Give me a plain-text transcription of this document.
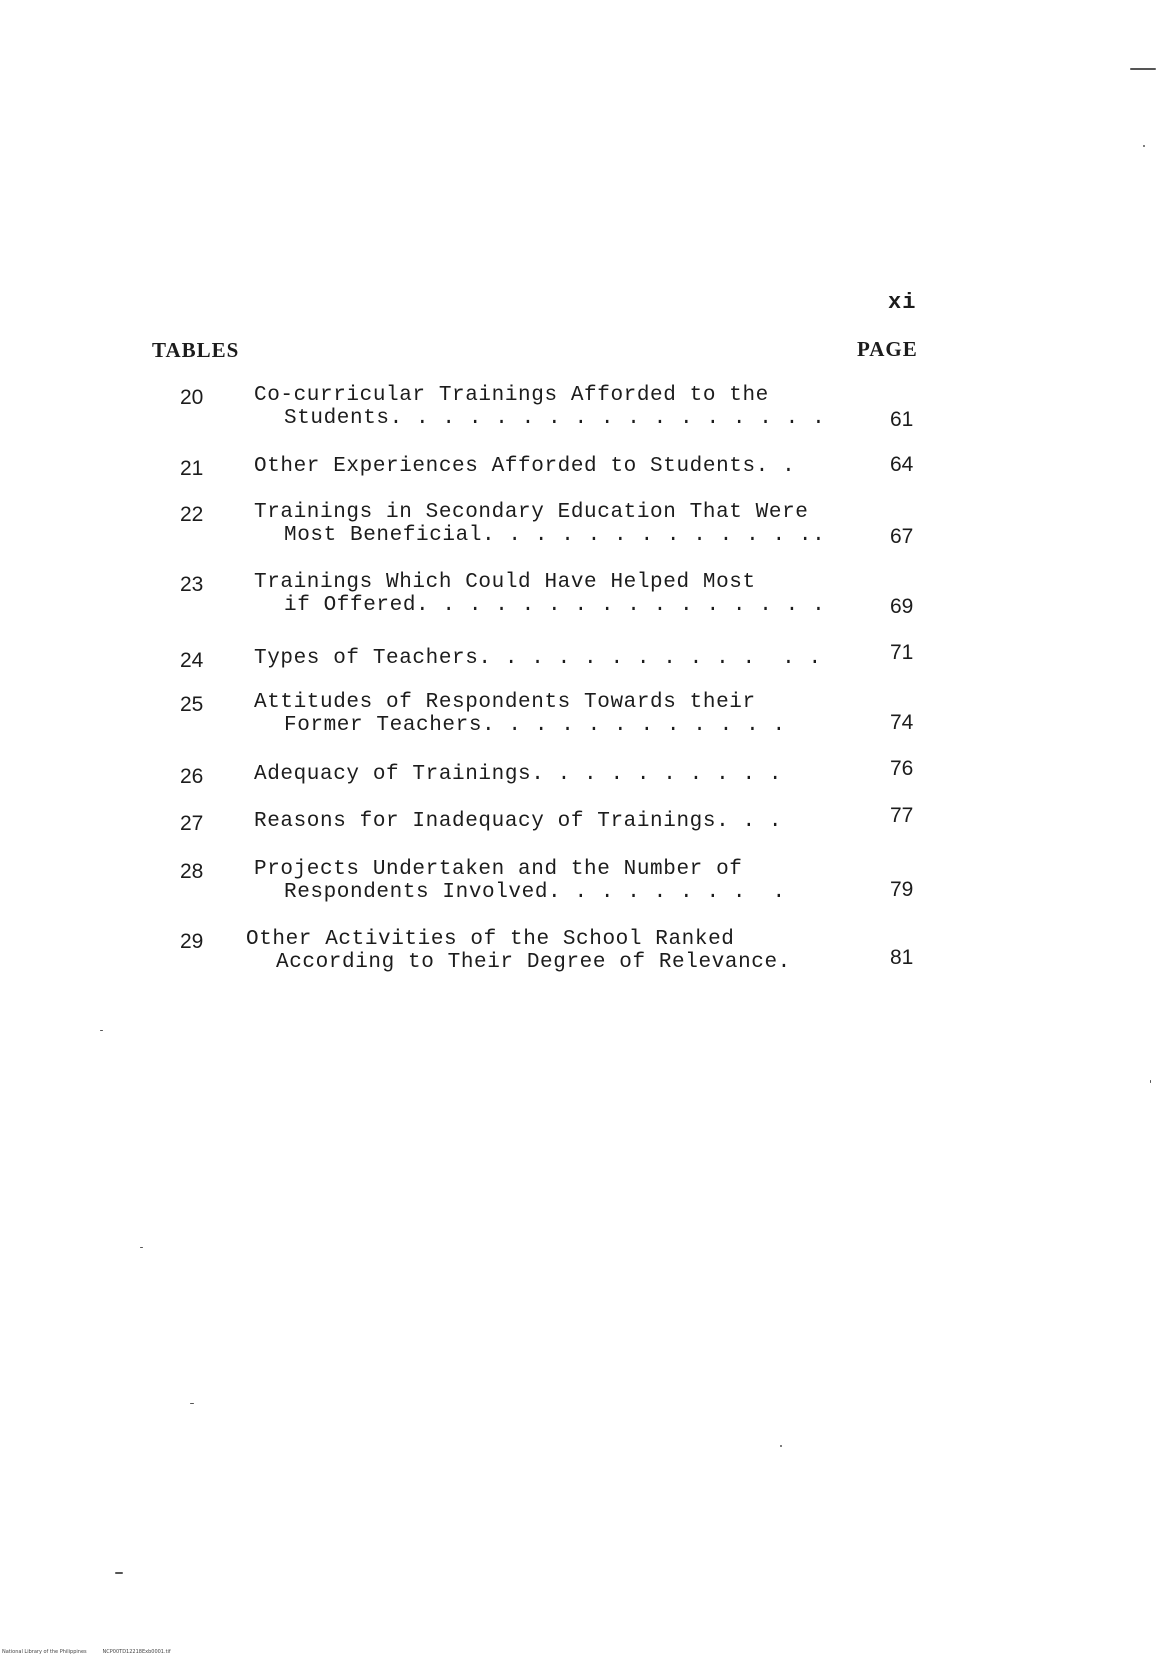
xi
TABLES	PAGE
20 Co-curricular Trainings Afforded to the
Students. . . . . . . . . . . . . . . . .	61
21 Other Experiences Afforded to Students. .	64
22 Trainings in Secondary Education That Were
Most Beneficial. . . . . . . . . . . . ..	67
23 Trainings Which Could Have Helped Most
if Offered. . . . . . . . . . . . . . . .	69
24 Types of Teachers. . . . . . . . . . .  . .	71
25 Attitudes of Respondents Towards their
Former Teachers. . . . . . . . . . . .	74
26 Adequacy of Trainings. . . . . . . . . .	76
27 Reasons for Inadequacy of Trainings. . .	77
28 Projects Undertaken and the Number of
Respondents Involved. . . . . . . .  .	79
29 Other Activities of the School Ranked
According to Their Degree of Relevance.	81
National Library of the Philippines	NCP00TD12218Exb0001.tif
